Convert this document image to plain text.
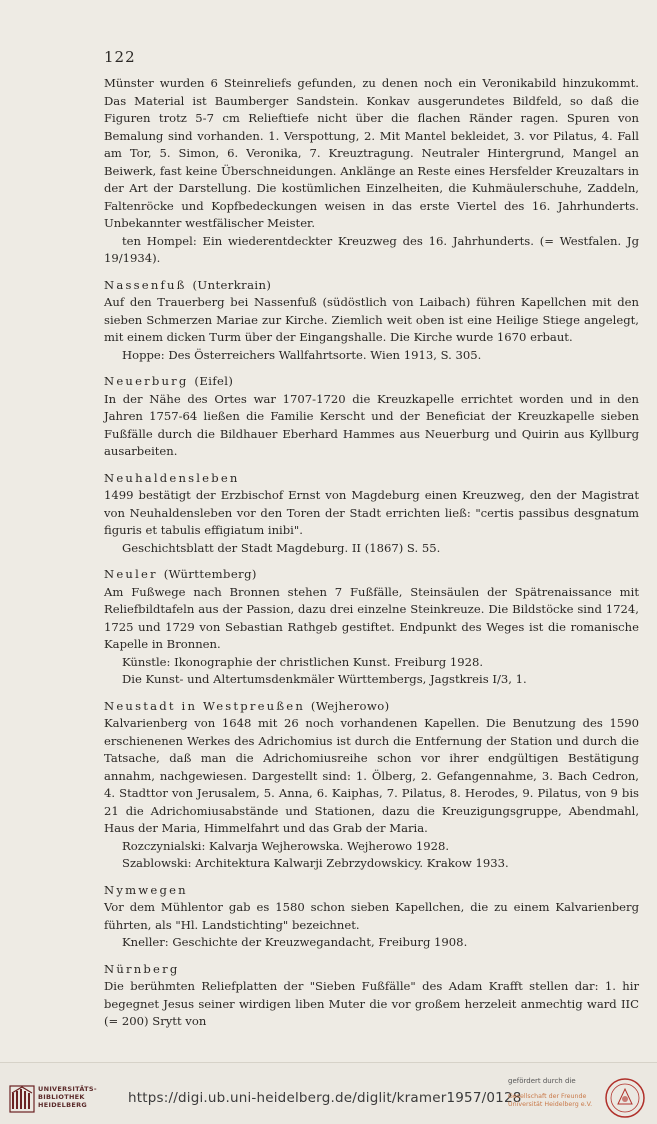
122

Münster wurden 6 Steinreliefs gefunden, zu denen noch ein Veronikabild hinzukommt. Das Material ist Baumberger Sandstein. Konkav ausgerundetes Bildfeld, so daß die Figuren trotz 5-7 cm Relieftiefe nicht über die flachen Ränder ragen. Spuren von Bemalung sind vorhanden. 1. Verspottung, 2. Mit Mantel bekleidet, 3. vor Pilatus, 4. Fall am Tor, 5. Simon, 6. Veronika, 7. Kreuztragung. Neutraler Hintergrund, Mangel an Beiwerk, fast keine Überschneidungen. Anklänge an Reste eines Hersfelder Kreuzaltars in der Art der Darstellung. Die kostümlichen Einzelheiten, die Kuhmäulerschuhe, Zaddeln, Faltenröcke und Kopfbedeckungen weisen in das erste Viertel des 16. Jahrhunderts. Unbekannter westfälischer Meister.

ten Hompel: Ein wiederentdeckter Kreuzweg des 16. Jahrhunderts. (= Westfalen. Jg 19/1934).

Nassenfuß (Unterkrain)

Auf den Trauerberg bei Nassenfuß (südöstlich von Laibach) führen Kapellchen mit den sieben Schmerzen Mariae zur Kirche. Ziemlich weit oben ist eine Heilige Stiege angelegt, mit einem dicken Turm über der Eingangshalle. Die Kirche wurde 1670 erbaut.

Hoppe: Des Österreichers Wallfahrtsorte. Wien 1913, S. 305.

Neuerburg (Eifel)

In der Nähe des Ortes war 1707-1720 die Kreuzkapelle errichtet worden und in den Jahren 1757-64 ließen die Familie Kerscht und der Beneficiat der Kreuzkapelle sieben Fußfälle durch die Bildhauer Eberhard Hammes aus Neuerburg und Quirin aus Kyllburg ausarbeiten.

Neuhaldensleben

1499 bestätigt der Erzbischof Ernst von Magdeburg einen Kreuzweg, den der Magistrat von Neuhaldensleben vor den Toren der Stadt errichten ließ: "certis passibus desgnatum figuris et tabulis effigiatum inibi".

Geschichtsblatt der Stadt Magdeburg. II (1867) S. 55.

Neuler (Württemberg)

Am Fußwege nach Bronnen stehen 7 Fußfälle, Steinsäulen der Spätrenaissance mit Reliefbildtafeln aus der Passion, dazu drei einzelne Steinkreuze. Die Bildstöcke sind 1724, 1725 und 1729 von Sebastian Rathgeb gestiftet. Endpunkt des Weges ist die romanische Kapelle in Bronnen.

Künstle: Ikonographie der christlichen Kunst. Freiburg 1928.

Die Kunst- und Altertumsdenkmäler Württembergs, Jagstkreis I/3, 1.

Neustadt in Westpreußen (Wejherowo)

Kalvarienberg von 1648 mit 26 noch vorhandenen Kapellen. Die Benutzung des 1590 erschienenen Werkes des Adrichomius ist durch die Entfernung der Station und durch die Tatsache, daß man die Adrichomiusreihe schon vor ihrer endgültigen Bestätigung annahm, nachgewiesen. Dargestellt sind: 1. Ölberg, 2. Gefangennahme, 3. Bach Cedron, 4. Stadttor von Jerusalem, 5. Anna, 6. Kaiphas, 7. Pilatus, 8. Herodes, 9. Pilatus, von 9 bis 21 die Adrichomiusabstände und Stationen, dazu die Kreuzigungsgruppe, Abendmahl, Haus der Maria, Himmelfahrt und das Grab der Maria.

Rozczynialski: Kalvarja Wejherowska. Wejherowo 1928.

Szablowski: Architektura Kalwarji Zebrzydowskicy. Krakow 1933.

Nymwegen

Vor dem Mühlentor gab es 1580 schon sieben Kapellchen, die zu einem Kalvarienberg führten, als "Hl. Landstichting" bezeichnet.

Kneller: Geschichte der Kreuzwegandacht, Freiburg 1908.

Nürnberg

Die berühmten Reliefplatten der "Sieben Fußfälle" des Adam Krafft stellen dar: 1. hir begegnet Jesus seiner wirdigen liben Muter die vor großem herzeleit anmechtig ward IIC (= 200) Srytt von

UNIVERSITÄTS-
BIBLIOTHEK
HEIDELBERG	https://digi.ub.uni-heidelberg.de/diglit/kramer1957/0128
gefördert durch die
Gesellschaft der Freunde
Universität Heidelberg e.V.
